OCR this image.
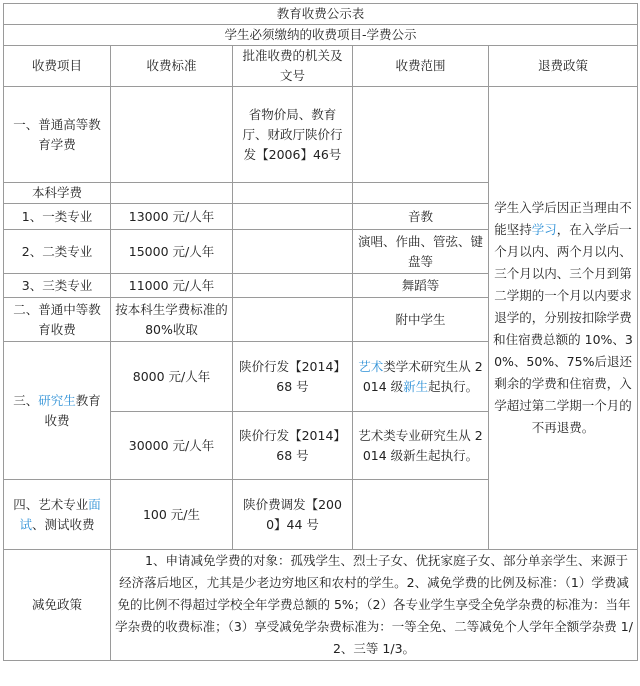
教育收费公示表				
学生必须缴纳的收费项目-学费公示				
收费项目	收费标准	批准收费的机关及文号	收费范围	退费政策
一、普通高等教育学费		省物价局、教育厅、财政厅陕价行发【2006】46号		学生入学后因正当理由不能坚持学习，在入学后一个月以内、两个月以内、三个月以内、三个月到第二学期的一个月以内要求退学的，分别按扣除学费和住宿费总额的 10%、30%、50%、75%后退还剩余的学费和住宿费，入学超过第二学期一个月的不再退费。
本科学费				
1、一类专业	13000 元/人年		音教	
2、二类专业	15000 元/人年		演唱、作曲、管弦、键盘等	
3、三类专业	11000 元/人年		舞蹈等	
二、普通中等教育收费	按本科生学费标准的 80%收取		附中学生	
三、研究生教育收费	8000 元/人年	陕价行发【2014】68 号	艺术类学术研究生从 2014 级新生起执行。	
	30000 元/人年	陕价行发【2014】68 号	艺术类专业研究生从 2014 级新生起执行。	
四、艺术专业面试、测试收费	100 元/生	陕价费调发【2000】44 号		
减免政策	1、申请减免学费的对象：孤残学生、烈士子女、优抚家庭子女、部分单亲学生、来源于经济落后地区，尤其是少老边穷地区和农村的学生。2、减免学费的比例及标准：（1）学费减免的比例不得超过学校全年学费总额的 5%；（2）各专业学生享受全免学杂费的标准为：当年学杂费的收费标准；（3）享受减免学杂费标准为：一等全免、二等减免个人学年全额学杂费 1/2、三等 1/3。			
